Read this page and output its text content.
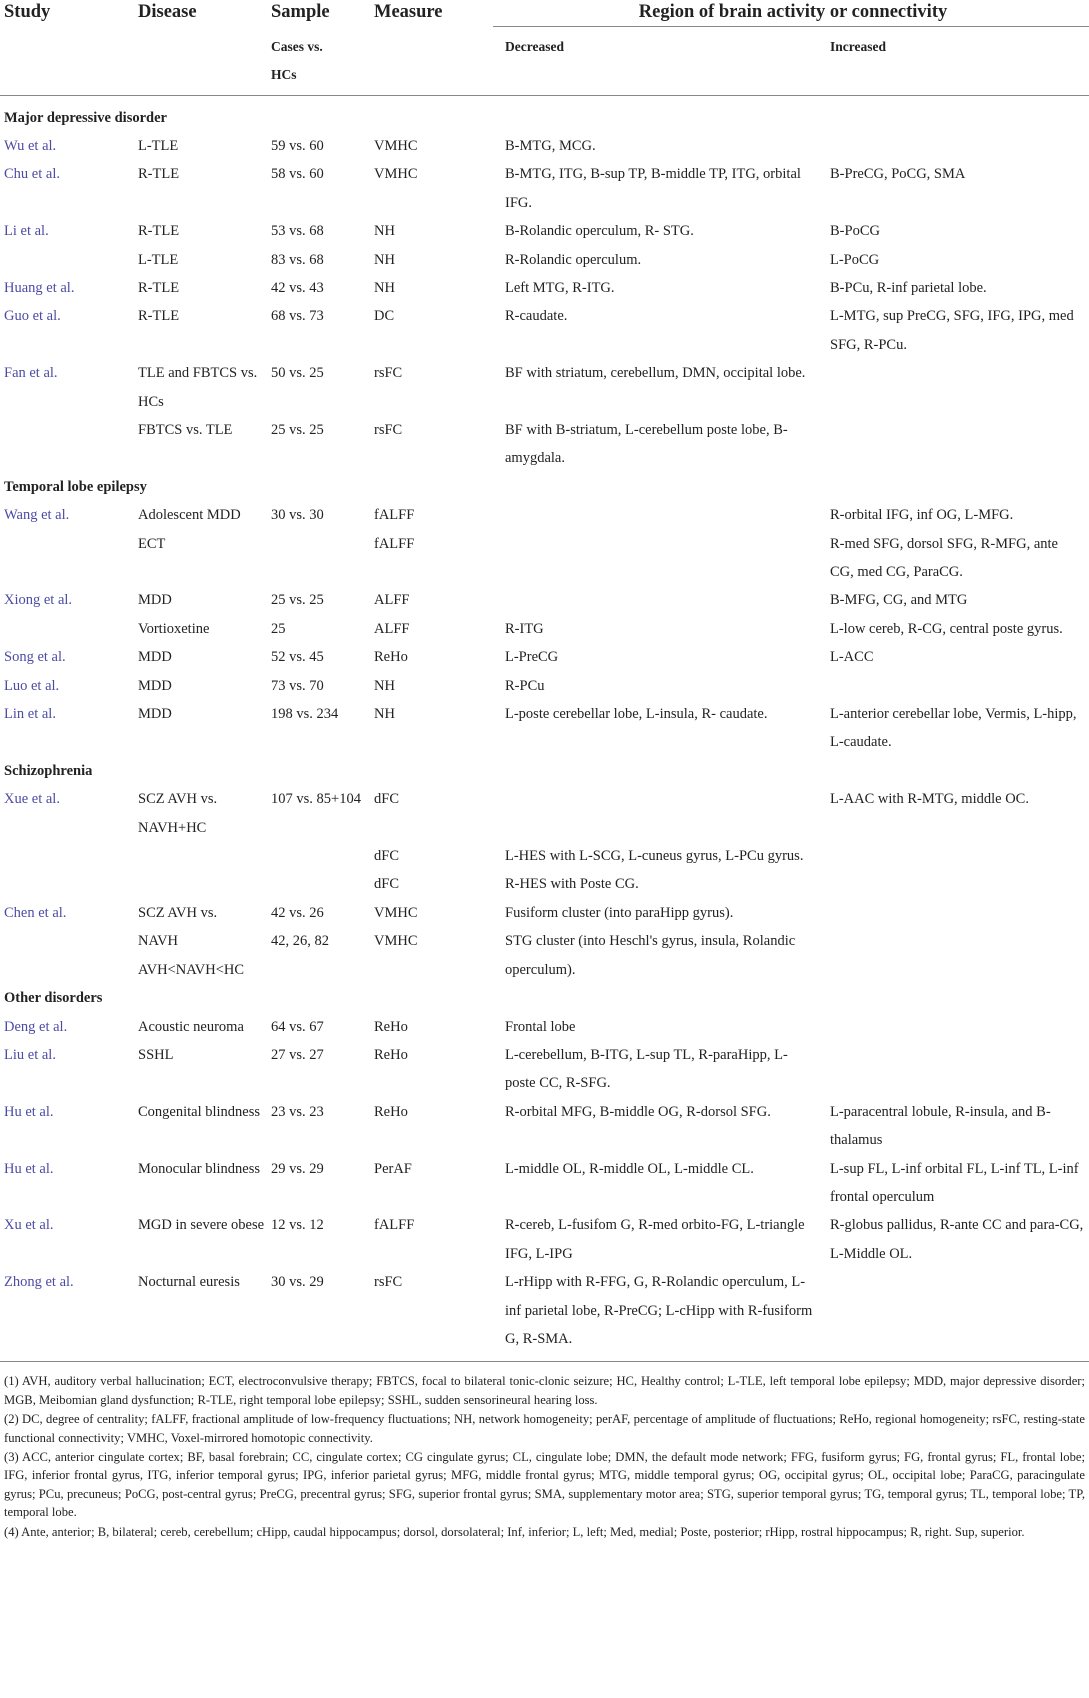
Study	Disease	Sample	Measure	Region of brain activity or connectivity	
		Cases vs. HCs		Decreased	Increased
Major depressive disorder					
Wu et al.	L-TLE	59 vs. 60	VMHC	B-MTG, MCG.	
Chu et al.	R-TLE	58 vs. 60	VMHC	B-MTG, ITG, B-sup TP, B-middle TP, ITG, orbital IFG.	B-PreCG, PoCG, SMA
Li et al.	R-TLE	53 vs. 68	NH	B-Rolandic operculum, R- STG.	B-PoCG
	L-TLE	83 vs. 68	NH	R-Rolandic operculum.	L-PoCG
Huang et al.	R-TLE	42 vs. 43	NH	Left MTG, R-ITG.	B-PCu, R-inf parietal lobe.
Guo et al.	R-TLE	68 vs. 73	DC	R-caudate.	L-MTG, sup PreCG, SFG, IFG, IPG, med SFG, R-PCu.
Fan et al.	TLE and FBTCS vs. HCs	50 vs. 25	rsFC	BF with striatum, cerebellum, DMN, occipital lobe.	
	FBTCS vs. TLE	25 vs. 25	rsFC	BF with B-striatum, L-cerebellum poste lobe, B- amygdala.	
Temporal lobe epilepsy					
Wang et al.	Adolescent MDD	30 vs. 30	fALFF		R-orbital IFG, inf OG, L-MFG.
	ECT		fALFF		R-med SFG, dorsol SFG, R-MFG, ante CG, med CG, ParaCG.
Xiong et al.	MDD	25 vs. 25	ALFF		B-MFG, CG, and MTG
	Vortioxetine	25	ALFF	R-ITG	L-low cereb, R-CG, central poste gyrus.
Song et al.	MDD	52 vs. 45	ReHo	L-PreCG	L-ACC
Luo et al.	MDD	73 vs. 70	NH	R-PCu	
Lin et al.	MDD	198 vs. 234	NH	L-poste cerebellar lobe, L-insula, R- caudate.	L-anterior cerebellar lobe, Vermis, L-hipp, L-caudate.
Schizophrenia					
Xue et al.	SCZ AVH vs. NAVH+HC	107 vs. 85+104	dFC		L-AAC with R-MTG, middle OC.
			dFC	L-HES with L-SCG, L-cuneus gyrus, L-PCu gyrus.	
			dFC	R-HES with Poste CG.	
Chen et al.	SCZ AVH vs.	42 vs. 26	VMHC	Fusiform cluster (into paraHipp gyrus).	
	NAVH AVH<NAVH<HC	42, 26, 82	VMHC	STG cluster (into Heschl's gyrus, insula, Rolandic operculum).	
Other disorders					
Deng et al.	Acoustic neuroma	64 vs. 67	ReHo	Frontal lobe	
Liu et al.	SSHL	27 vs. 27	ReHo	L-cerebellum, B-ITG, L-sup TL, R-paraHipp, L-poste CC, R-SFG.	
Hu et al.	Congenital blindness	23 vs. 23	ReHo	R-orbital MFG, B-middle OG, R-dorsol SFG.	L-paracentral lobule, R-insula, and B-thalamus
Hu et al.	Monocular blindness	29 vs. 29	PerAF	L-middle OL, R-middle OL, L-middle CL.	L-sup FL, L-inf orbital FL, L-inf TL, L-inf frontal operculum
Xu et al.	MGD in severe obese	12 vs. 12	fALFF	R-cereb, L-fusifom G, R-med orbito-FG, L-triangle IFG, L-IPG	R-globus pallidus, R-ante CC and para-CG, L-Middle OL.
Zhong et al.	Nocturnal euresis	30 vs. 29	rsFC	L-rHipp with R-FFG, G, R-Rolandic operculum, L-inf parietal lobe, R-PreCG; L-cHipp with R-fusiform G, R-SMA.	

(1) AVH, auditory verbal hallucination; ECT, electroconvulsive therapy; FBTCS, focal to bilateral tonic-clonic seizure; HC, Healthy control; L-TLE, left temporal lobe epilepsy; MDD, major depressive disorder; MGB, Meibomian gland dysfunction; R-TLE, right temporal lobe epilepsy; SSHL, sudden sensorineural hearing loss.

(2) DC, degree of centrality; fALFF, fractional amplitude of low-frequency fluctuations; NH, network homogeneity; perAF, percentage of amplitude of fluctuations; ReHo, regional homogeneity; rsFC, resting-state functional connectivity; VMHC, Voxel-mirrored homotopic connectivity.

(3) ACC, anterior cingulate cortex; BF, basal forebrain; CC, cingulate cortex; CG cingulate gyrus; CL, cingulate lobe; DMN, the default mode network; FFG, fusiform gyrus; FG, frontal gyrus; FL, frontal lobe; IFG, inferior frontal gyrus, ITG, inferior temporal gyrus; IPG, inferior parietal gyrus; MFG, middle frontal gyrus; MTG, middle temporal gyrus; OG, occipital gyrus; OL, occipital lobe; ParaCG, paracingulate gyrus; PCu, precuneus; PoCG, post-central gyrus; PreCG, precentral gyrus; SFG, superior frontal gyrus; SMA, supplementary motor area; STG, superior temporal gyrus; TG, temporal gyrus; TL, temporal lobe; TP, temporal lobe.

(4) Ante, anterior; B, bilateral; cereb, cerebellum; cHipp, caudal hippocampus; dorsol, dorsolateral; Inf, inferior; L, left; Med, medial; Poste, posterior; rHipp, rostral hippocampus; R, right. Sup, superior.
